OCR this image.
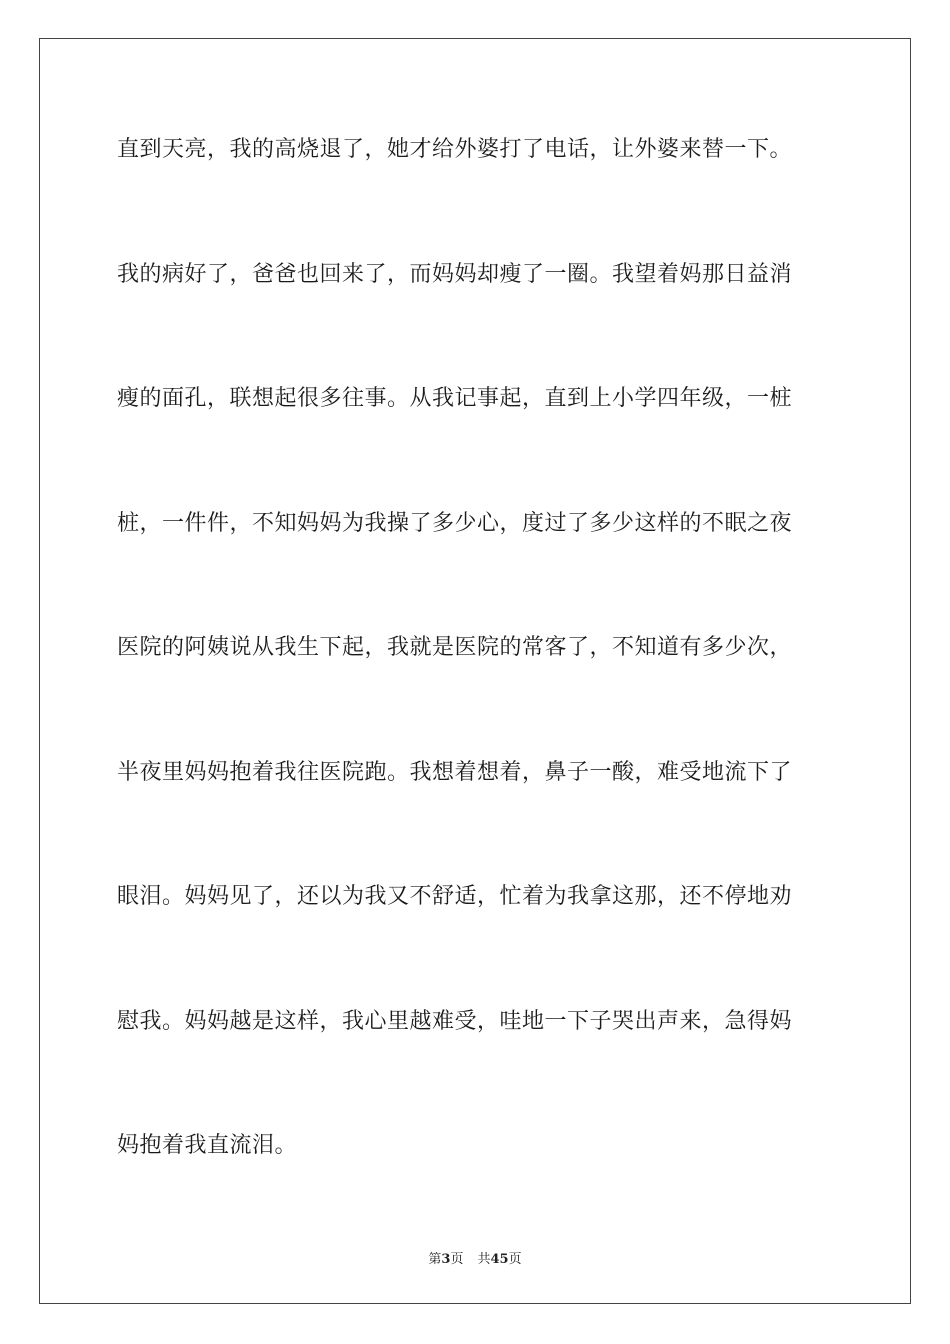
直到天亮，我的高烧退了，她才给外婆打了电话，让外婆来替一下。
我的病好了，爸爸也回来了，而妈妈却瘦了一圈。我望着妈那日益消
瘦的面孔，联想起很多往事。从我记事起，直到上小学四年级，一桩
桩，一件件，不知妈妈为我操了多少心，度过了多少这样的不眠之夜
医院的阿姨说从我生下起，我就是医院的常客了，不知道有多少次，
半夜里妈妈抱着我往医院跑。我想着想着，鼻子一酸，难受地流下了
眼泪。妈妈见了，还以为我又不舒适，忙着为我拿这那，还不停地劝
慰我。妈妈越是这样，我心里越难受，哇地一下子哭出声来，急得妈
妈抱着我直流泪。
第3页 共45页
